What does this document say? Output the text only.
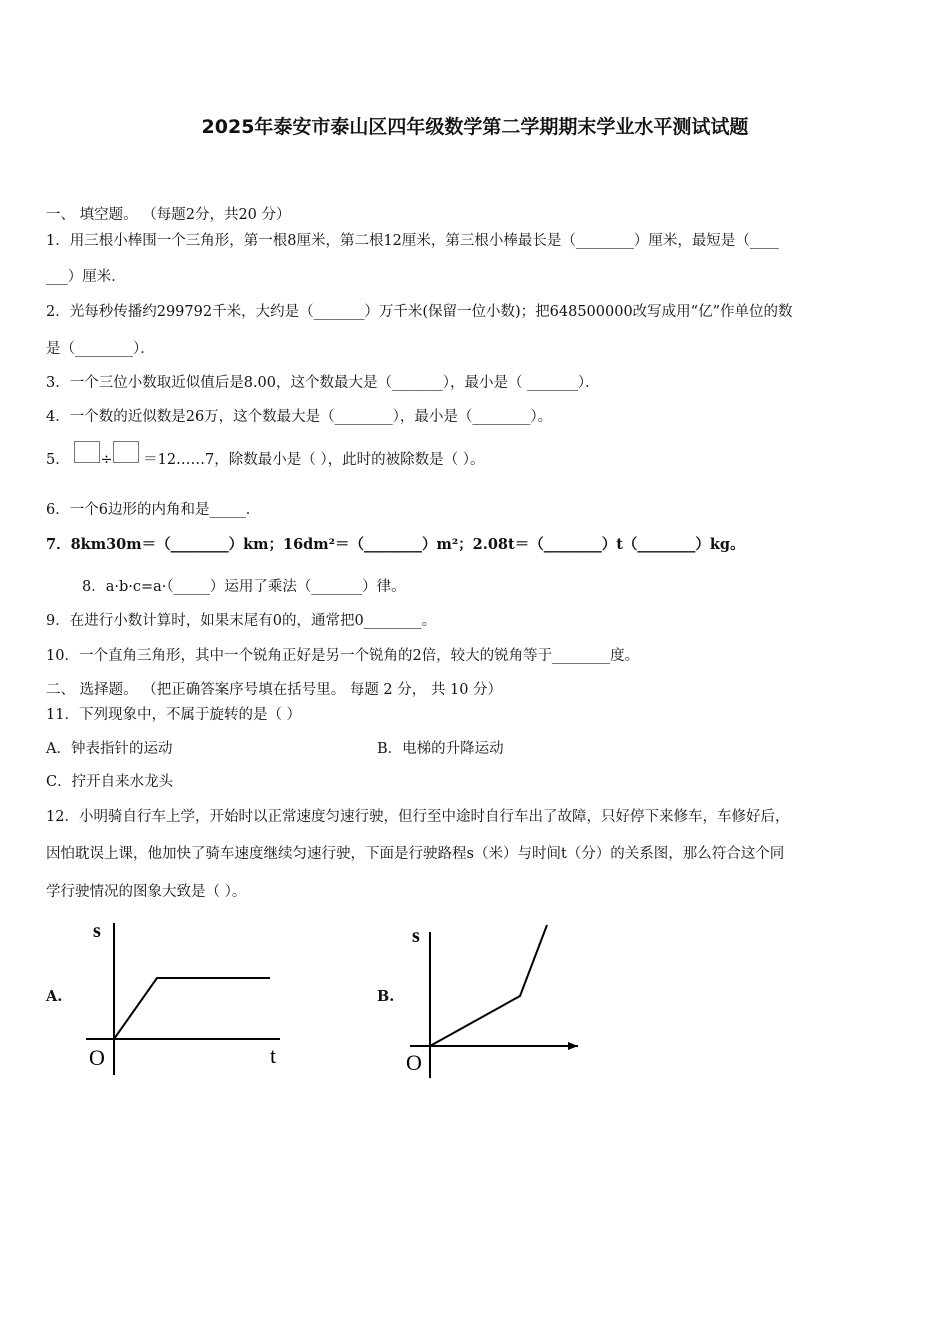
2025年泰安市泰山区四年级数学第二学期期末学业水平测试试题
一、 填空题。 （每题2分，共20 分）
1．用三根小棒围一个三角形，第一根8厘米，第二根12厘米，第三根小棒最长是（________）厘米，最短是（____
___）厘米．
2．光每秒传播约299792千米，大约是（_______）万千米(保留一位小数)；把648500000改写成用“亿”作单位的数
是（________）．
3．一个三位小数取近似值后是8.00，这个数最大是（_______），最小是（ _______）．
4．一个数的近似数是26万，这个数最大是（________），最小是（________）。
5． ÷ ＝12……7，除数最小是（ ），此时的被除数是（ ）。
6．一个6边形的内角和是_____．
7．8km30m＝（________）km；16dm²＝（________）m²；2.08t＝（________）t（________）kg。
8．a·b·c=a·（_____）运用了乘法（_______）律。
9．在进行小数计算时，如果末尾有0的，通常把0________。
10．一个直角三角形，其中一个锐角正好是另一个锐角的2倍，较大的锐角等于________度。
二、 选择题。 （把正确答案序号填在括号里。 每题 2 分， 共 10 分）
11．下列现象中，不属于旋转的是（ ）
A．钟表指针的运动	B．电梯的升降运动
C．拧开自来水龙头
12．小明骑自行车上学，开始时以正常速度匀速行驶，但行至中途时自行车出了故障，只好停下来修车，车修好后，
因怕耽误上课，他加快了骑车速度继续匀速行驶，下面是行驶路程s（米）与时间t（分）的关系图，那么符合这个同
学行驶情况的图象大致是（ ）。
A.
s
O	t
B.
s
O
